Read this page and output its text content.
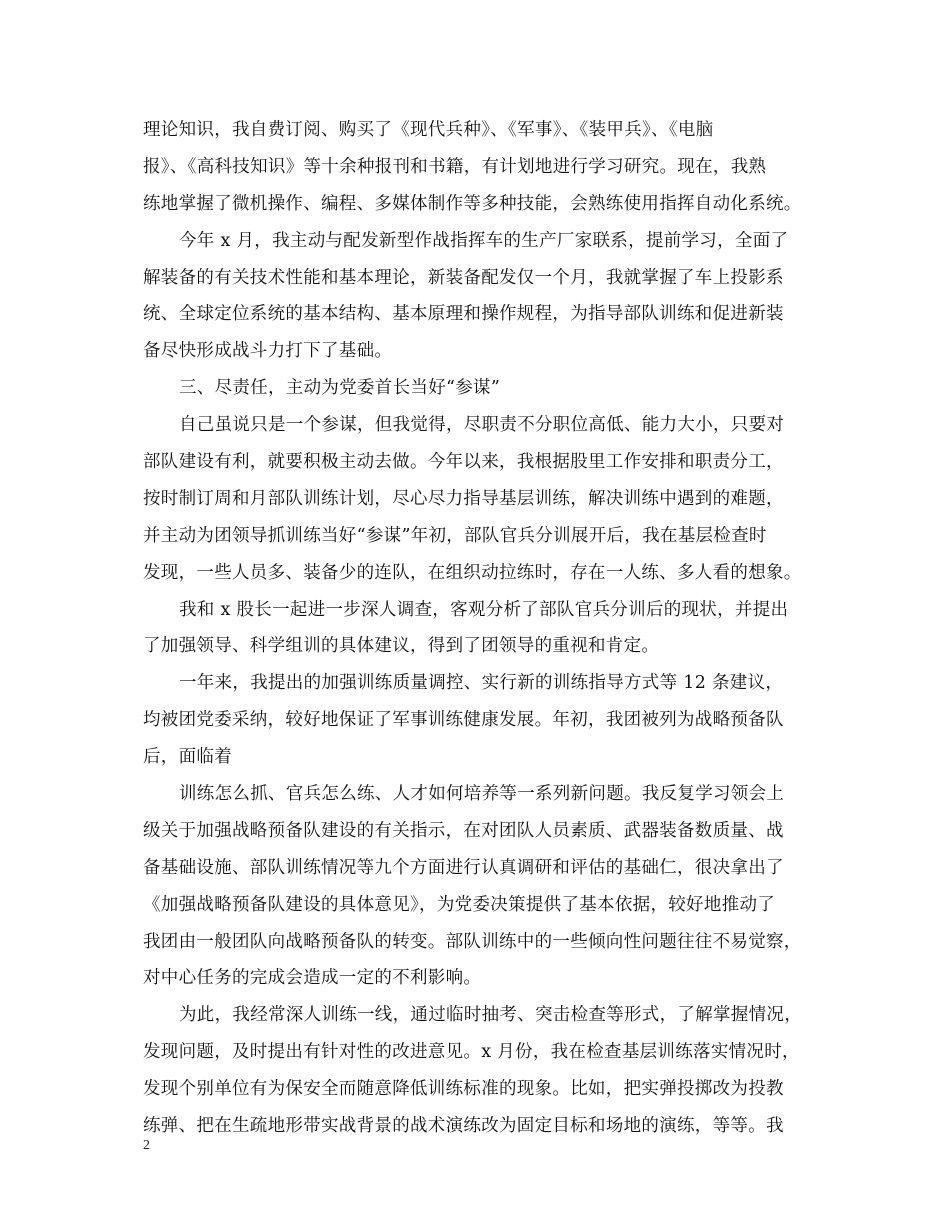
理论知识，我自费订阅、购买了《现代兵种》、《军事》、《装甲兵》、《电脑
报》、《高科技知识》等十余种报刊和书籍，有计划地进行学习研究。现在，我熟
练地掌握了微机操作、编程、多媒体制作等多种技能，会熟练使用指挥自动化系统。
今年 x 月，我主动与配发新型作战指挥车的生产厂家联系，提前学习，全面了
解装备的有关技术性能和基本理论，新装备配发仅一个月，我就掌握了车上投影系
统、全球定位系统的基本结构、基本原理和操作规程，为指导部队训练和促进新装
备尽快形成战斗力打下了基础。
三、尽责任，主动为党委首长当好“参谋”
自己虽说只是一个参谋，但我觉得，尽职责不分职位高低、能力大小，只要对
部队建设有利，就要积极主动去做。今年以来，我根据股里工作安排和职责分工，
按时制订周和月部队训练计划，尽心尽力指导基层训练，解决训练中遇到的难题，
并主动为团领导抓训练当好“参谋”年初，部队官兵分训展开后，我在基层检查时
发现，一些人员多、装备少的连队，在组织动拉练时，存在一人练、多人看的想象。
我和 x 股长一起进一步深人调查，客观分析了部队官兵分训后的现状，并提出
了加强领导、科学组训的具体建议，得到了团领导的重视和肯定。
一年来，我提出的加强训练质量调控、实行新的训练指导方式等 12 条建议，
均被团党委采纳，较好地保证了军事训练健康发展。年初，我团被列为战略预备队
后，面临着
训练怎么抓、官兵怎么练、人才如何培养等一系列新问题。我反复学习领会上
级关于加强战略预备队建设的有关指示，在对团队人员素质、武器装备数质量、战
备基础设施、部队训练情况等九个方面进行认真调研和评估的基础仁，很决拿出了
《加强战略预备队建设的具体意见》，为党委决策提供了基本依据，较好地推动了
我团由一般团队向战略预备队的转变。部队训练中的一些倾向性问题往往不易觉察，
对中心任务的完成会造成一定的不利影响。
为此，我经常深人训练一线，通过临时抽考、突击检查等形式，了解掌握情况，
发现问题，及时提出有针对性的改进意见。x 月份，我在检查基层训练落实情况时，
发现个别单位有为保安全而随意降低训练标准的现象。比如，把实弹投掷改为投教
练弹、把在生疏地形带实战背景的战术演练改为固定目标和场地的演练，等等。我
2
